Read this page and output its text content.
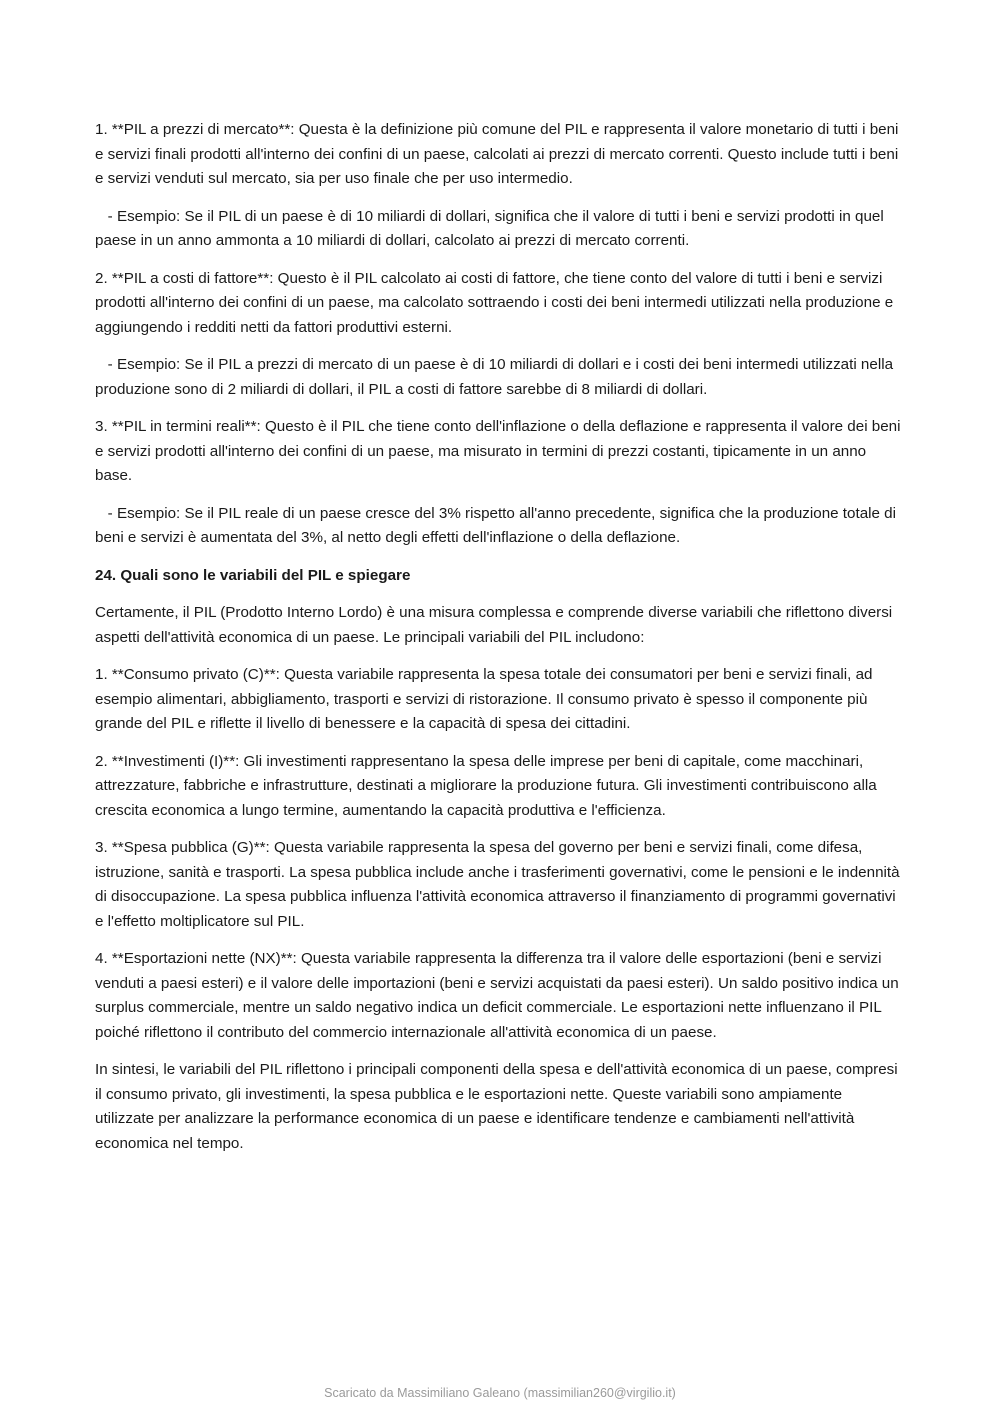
1. **PIL a prezzi di mercato**: Questa è la definizione più comune del PIL e rappresenta il valore monetario di tutti i beni e servizi finali prodotti all'interno dei confini di un paese, calcolati ai prezzi di mercato correnti. Questo include tutti i beni e servizi venduti sul mercato, sia per uso finale che per uso intermedio.

- Esempio: Se il PIL di un paese è di 10 miliardi di dollari, significa che il valore di tutti i beni e servizi prodotti in quel paese in un anno ammonta a 10 miliardi di dollari, calcolato ai prezzi di mercato correnti.

2. **PIL a costi di fattore**: Questo è il PIL calcolato ai costi di fattore, che tiene conto del valore di tutti i beni e servizi prodotti all'interno dei confini di un paese, ma calcolato sottraendo i costi dei beni intermedi utilizzati nella produzione e aggiungendo i redditi netti da fattori produttivi esterni.

- Esempio: Se il PIL a prezzi di mercato di un paese è di 10 miliardi di dollari e i costi dei beni intermedi utilizzati nella produzione sono di 2 miliardi di dollari, il PIL a costi di fattore sarebbe di 8 miliardi di dollari.

3. **PIL in termini reali**: Questo è il PIL che tiene conto dell'inflazione o della deflazione e rappresenta il valore dei beni e servizi prodotti all'interno dei confini di un paese, ma misurato in termini di prezzi costanti, tipicamente in un anno base.

- Esempio: Se il PIL reale di un paese cresce del 3% rispetto all'anno precedente, significa che la produzione totale di beni e servizi è aumentata del 3%, al netto degli effetti dell'inflazione o della deflazione.

24. Quali sono le variabili del PIL e spiegare

Certamente, il PIL (Prodotto Interno Lordo) è una misura complessa e comprende diverse variabili che riflettono diversi aspetti dell'attività economica di un paese. Le principali variabili del PIL includono:

1. **Consumo privato (C)**: Questa variabile rappresenta la spesa totale dei consumatori per beni e servizi finali, ad esempio alimentari, abbigliamento, trasporti e servizi di ristorazione. Il consumo privato è spesso il componente più grande del PIL e riflette il livello di benessere e la capacità di spesa dei cittadini.

2. **Investimenti (I)**: Gli investimenti rappresentano la spesa delle imprese per beni di capitale, come macchinari, attrezzature, fabbriche e infrastrutture, destinati a migliorare la produzione futura. Gli investimenti contribuiscono alla crescita economica a lungo termine, aumentando la capacità produttiva e l'efficienza.

3. **Spesa pubblica (G)**: Questa variabile rappresenta la spesa del governo per beni e servizi finali, come difesa, istruzione, sanità e trasporti. La spesa pubblica include anche i trasferimenti governativi, come le pensioni e le indennità di disoccupazione. La spesa pubblica influenza l'attività economica attraverso il finanziamento di programmi governativi e l'effetto moltiplicatore sul PIL.

4. **Esportazioni nette (NX)**: Questa variabile rappresenta la differenza tra il valore delle esportazioni (beni e servizi venduti a paesi esteri) e il valore delle importazioni (beni e servizi acquistati da paesi esteri). Un saldo positivo indica un surplus commerciale, mentre un saldo negativo indica un deficit commerciale. Le esportazioni nette influenzano il PIL poiché riflettono il contributo del commercio internazionale all'attività economica di un paese.

In sintesi, le variabili del PIL riflettono i principali componenti della spesa e dell'attività economica di un paese, compresi il consumo privato, gli investimenti, la spesa pubblica e le esportazioni nette. Queste variabili sono ampiamente utilizzate per analizzare la performance economica di un paese e identificare tendenze e cambiamenti nell'attività economica nel tempo.

Scaricato da Massimiliano Galeano (massimilian260@virgilio.it)
